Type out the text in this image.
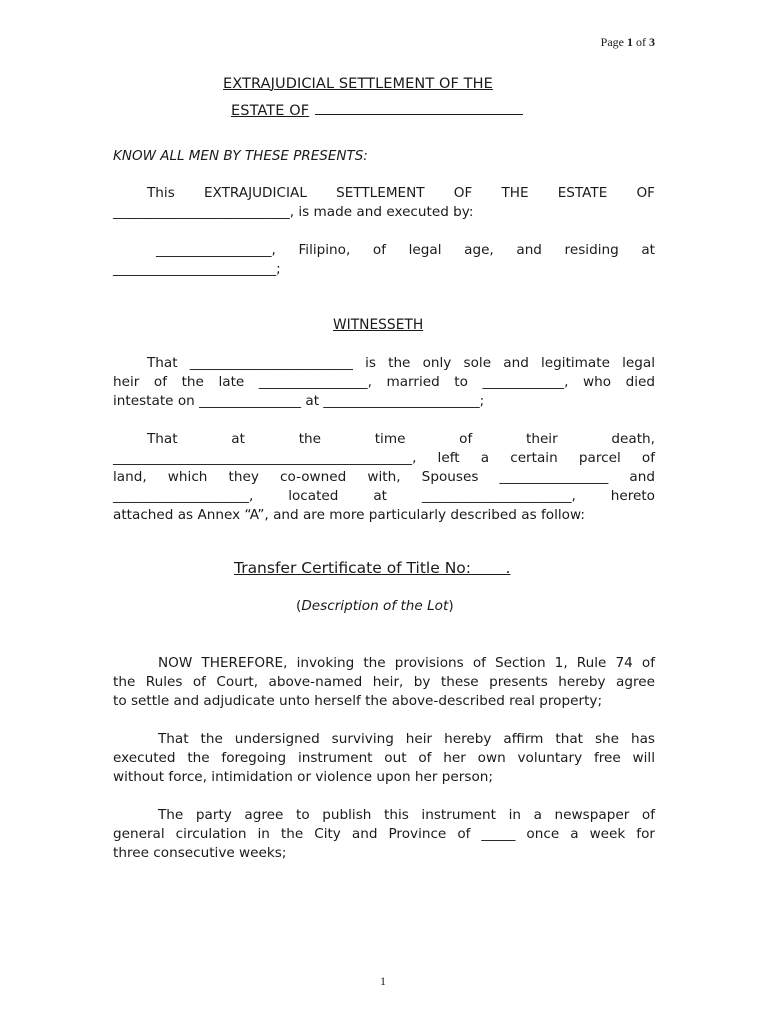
Page 1 of 3
EXTRAJUDICIAL SETTLEMENT OF THE
ESTATE OF
KNOW ALL MEN BY THESE PRESENTS:
This EXTRAJUDICIAL SETTLEMENT OF THE ESTATE OF
__________________________, is made and executed by:
_________________, Filipino, of legal age, and residing at
________________________;
WITNESSETH
That ________________________ is the only sole and legitimate legal
heir of the late ________________, married to ____________, who died
intestate on _______________ at _______________________;
That at the time of their death,
____________________________________________, left a certain parcel of
land, which they co-owned with, Spouses ________________ and
____________________, located at ______________________, hereto
attached as Annex “A”, and are more particularly described as follow:
Transfer Certificate of Title No: .
(Description of the Lot)
NOW THEREFORE, invoking the provisions of Section 1, Rule 74 of
the Rules of Court, above-named heir, by these presents hereby agree
to settle and adjudicate unto herself the above-described real property;
That the undersigned surviving heir hereby affirm that she has
executed the foregoing instrument out of her own voluntary free will
without force, intimidation or violence upon her person;
The party agree to publish this instrument in a newspaper of
general circulation in the City and Province of _____ once a week for
three consecutive weeks;
1
